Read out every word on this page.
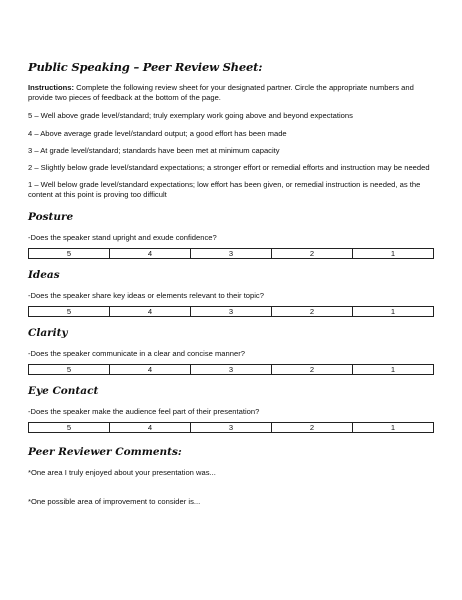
Public Speaking – Peer Review Sheet:

Instructions: Complete the following review sheet for your designated partner. Circle the appropriate numbers and provide two pieces of feedback at the bottom of the page.

5 – Well above grade level/standard; truly exemplary work going above and beyond expectations

4 – Above average grade level/standard output; a good effort has been made

3 – At grade level/standard; standards have been met at minimum capacity

2 – Slightly below grade level/standard expectations; a stronger effort or remedial efforts and instruction may be needed

1 – Well below grade level/standard expectations; low effort has been given, or remedial instruction is needed, as the content at this point is proving too difficult

Posture

-Does the speaker stand upright and exude confidence?

5	4	3	2	1

Ideas

-Does the speaker share key ideas or elements relevant to their topic?

5	4	3	2	1

Clarity

-Does the speaker communicate in a clear and concise manner?

5	4	3	2	1

Eye Contact

-Does the speaker make the audience feel part of their presentation?

5	4	3	2	1

Peer Reviewer Comments:

*One area I truly enjoyed about your presentation was...

*One possible area of improvement to consider is...
